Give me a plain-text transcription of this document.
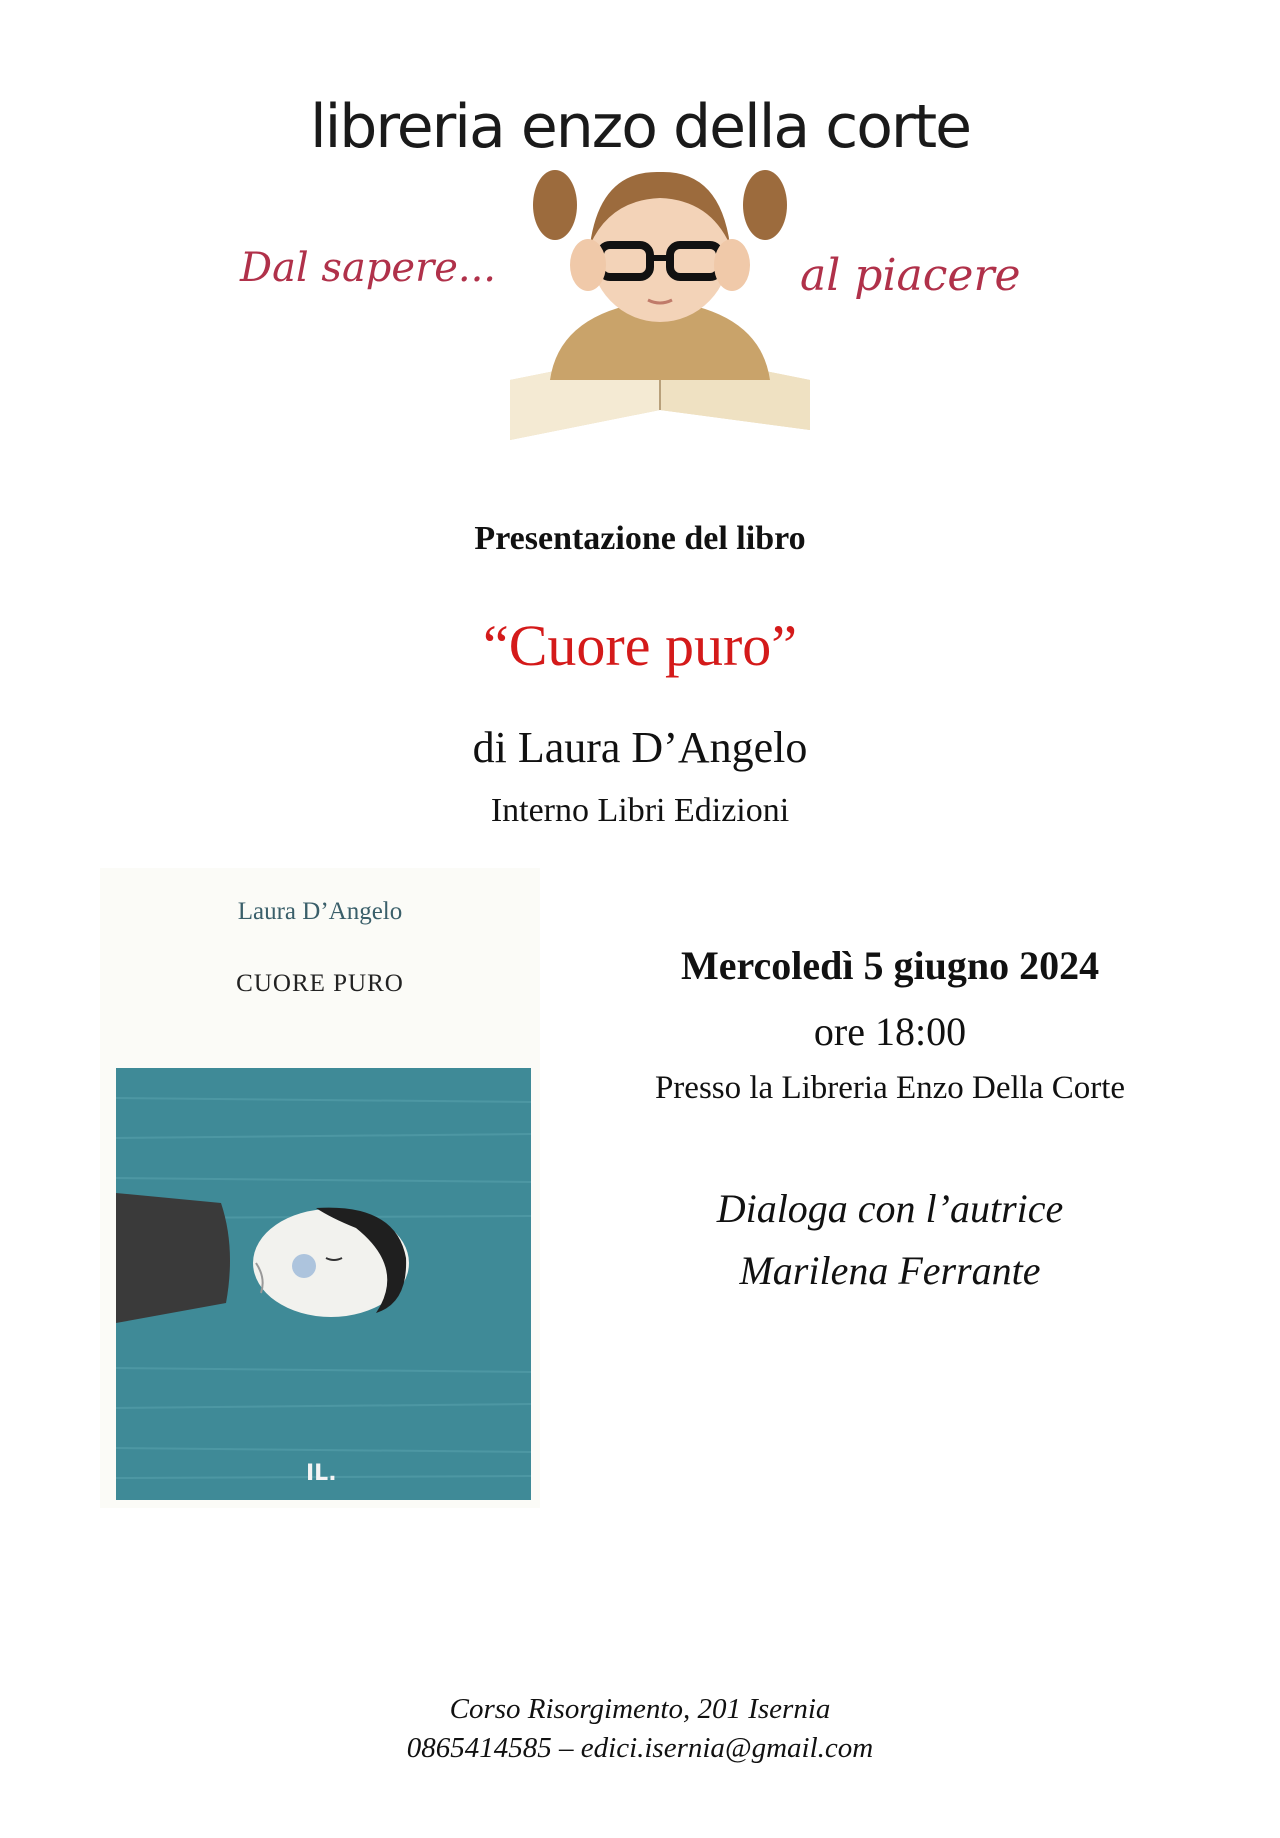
libreria enzo della corte
Dal sapere...	al piacere
Presentazione del libro
“Cuore puro”
di Laura D’Angelo
Interno Libri Edizioni
Laura D’Angelo
CUORE PURO
IL.
Mercoledì 5 giugno 2024
ore 18:00
Presso la Libreria Enzo Della Corte
Dialoga con l’autrice
Marilena Ferrante
Corso Risorgimento, 201 Isernia
0865414585 – edici.isernia@gmail.com
